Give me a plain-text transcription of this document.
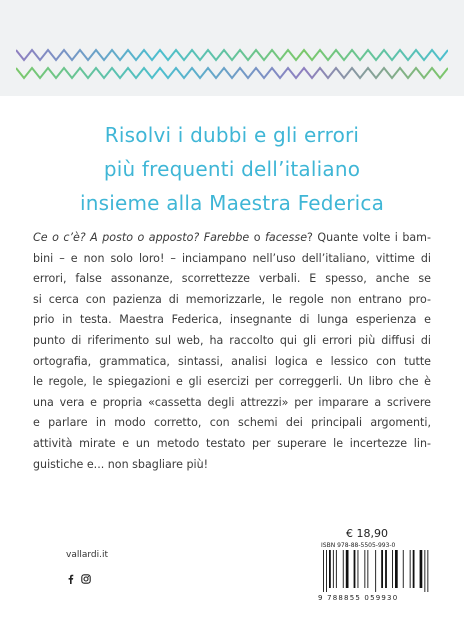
Risolvi i dubbi e gli errori
più frequenti dell’italiano
insieme alla Maestra Federica
Ce o c’è? A posto o apposto? Farebbe o facesse? Quante volte i bam-
bini – e non solo loro! – inciampano nell’uso dell’italiano, vittime di
errori, false assonanze, scorrettezze verbali. E spesso, anche se
si cerca con pazienza di memorizzarle, le regole non entrano pro-
prio in testa. Maestra Federica, insegnante di lunga esperienza e
punto di riferimento sul web, ha raccolto qui gli errori più diffusi di
ortografia, grammatica, sintassi, analisi logica e lessico con tutte
le regole, le spiegazioni e gli esercizi per correggerli. Un libro che è
una vera e propria «cassetta degli attrezzi» per imparare a scrivere
e parlare in modo corretto, con schemi dei principali argomenti,
attività mirate e un metodo testato per superare le incertezze lin-
guistiche e... non sbagliare più!
vallardi.it
€ 18,90
ISBN 978-88-5505-993-0
9 788855 059930
